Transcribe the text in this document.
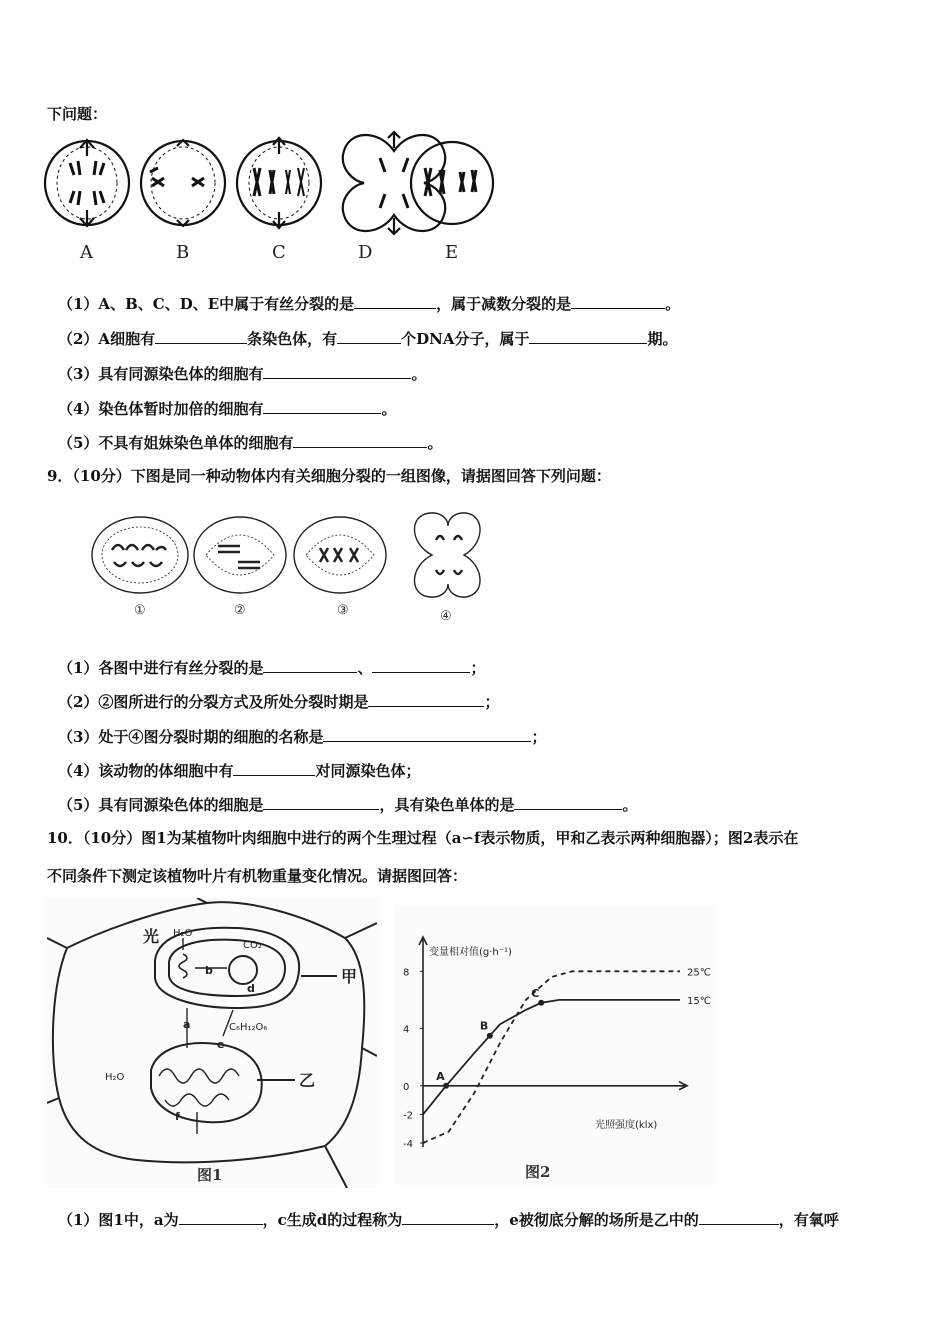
下问题：
A	B	C	D	E
（1）A、B、C、D、E中属于有丝分裂的是	，属于减数分裂的是	。
（2）A细胞有	条染色体，有	个DNA分子，属于	期。
（3）具有同源染色体的细胞有	。
（4）染色体暂时加倍的细胞有	。
（5）不具有姐妹染色单体的细胞有	。
9．（10分）下图是同一种动物体内有关细胞分裂的一组图像，请据图回答下列问题：
①	②	③	④
（1）各图中进行有丝分裂的是	、	；
（2）②图所进行的分裂方式及所处分裂时期是	；
（3）处于④图分裂时期的细胞的名称是	；
（4）该动物的体细胞中有	对同源染色体；
（5）具有同源染色体的细胞是	，具有染色单体的是	。
10．（10分）图1为某植物叶肉细胞中进行的两个生理过程（a∽f表示物质，甲和乙表示两种细胞器）；图2表示在
不同条件下测定该植物叶片有机物重量变化情况。请据图回答：
光 H₂O
CO₂
b
d
甲
a	C₆H₁₂O₆
e
H₂O	乙
f
图1
变量相对值(g·h⁻¹)
光照强度(klx)
8
4
0
-2
-4
25℃
15℃
A
B
C
图2
（1）图1中，a为	，c生成d的过程称为	，e被彻底分解的场所是乙中的	，有氧呼
